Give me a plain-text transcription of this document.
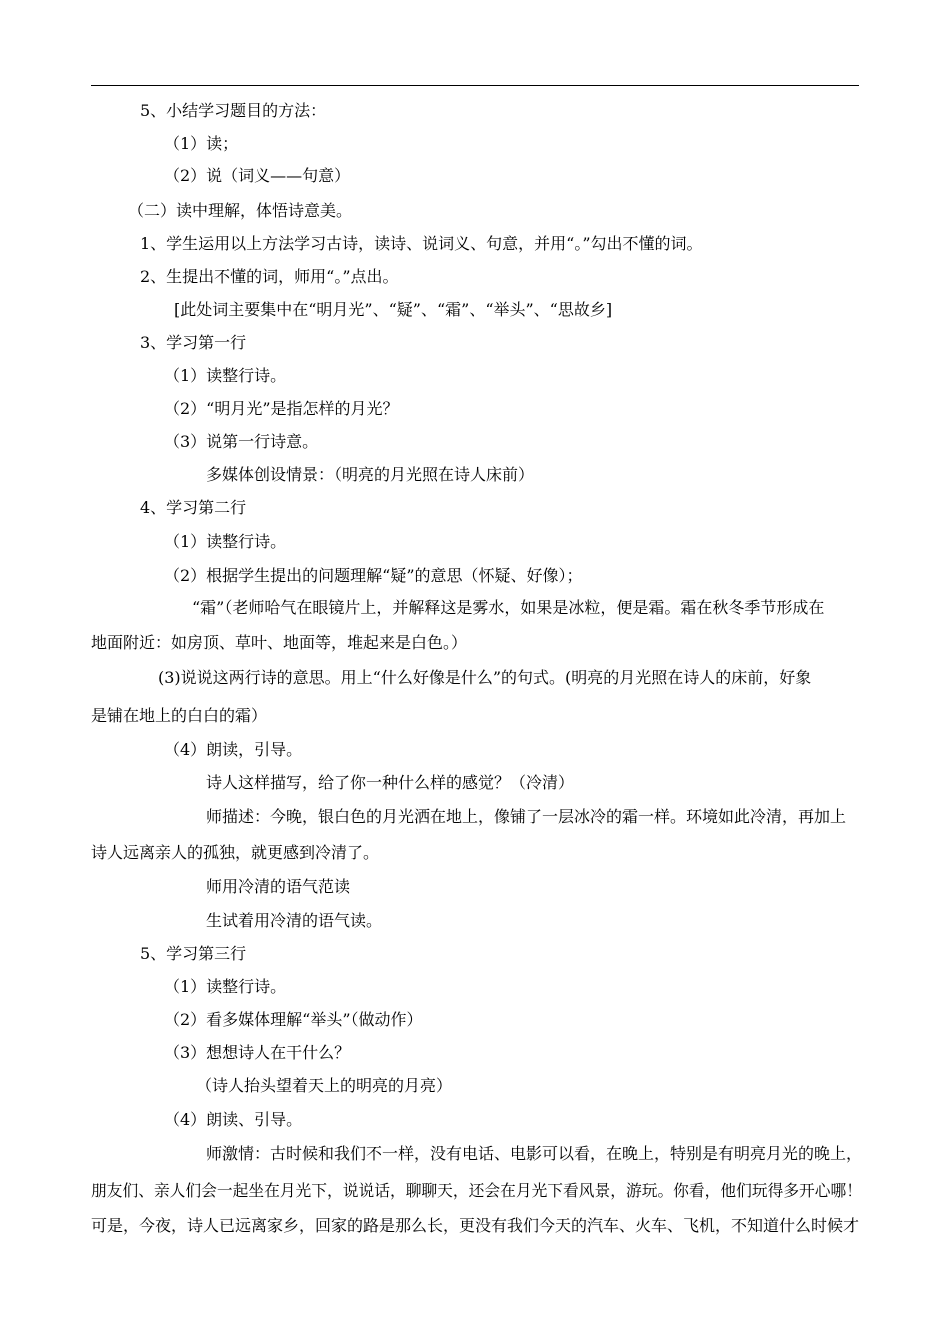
5、小结学习题目的方法：
（1）读；
（2）说（词义——句意）
（二）读中理解，体悟诗意美。
1、学生运用以上方法学习古诗，读诗、说词义、句意，并用“。”勾出不懂的词。
2、生提出不懂的词，师用“。”点出。
[此处词主要集中在“明月光”、“疑”、“霜”、“举头”、“思故乡]
3、学习第一行
（1）读整行诗。
（2）“明月光”是指怎样的月光？
（3）说第一行诗意。
多媒体创设情景：（明亮的月光照在诗人床前）
4、学习第二行
（1）读整行诗。
（2）根据学生提出的问题理解“疑”的意思（怀疑、好像）；
“霜”（老师哈气在眼镜片上，并解释这是雾水，如果是冰粒，便是霜。霜在秋冬季节形成在
地面附近：如房顶、草叶、地面等，堆起来是白色。）
(3)说说这两行诗的意思。用上“什么好像是什么”的句式。(明亮的月光照在诗人的床前，好象
是铺在地上的白白的霜）
（4）朗读，引导。
诗人这样描写，给了你一种什么样的感觉？（冷清）
师描述：今晚，银白色的月光洒在地上，像铺了一层冰冷的霜一样。环境如此冷清，再加上
诗人远离亲人的孤独，就更感到冷清了。
师用冷清的语气范读
生试着用冷清的语气读。
5、学习第三行
（1）读整行诗。
（2）看多媒体理解“举头”（做动作）
（3）想想诗人在干什么？
（诗人抬头望着天上的明亮的月亮）
（4）朗读、引导。
师激情：古时候和我们不一样，没有电话、电影可以看，在晚上，特别是有明亮月光的晚上，
朋友们、亲人们会一起坐在月光下，说说话，聊聊天，还会在月光下看风景，游玩。你看，他们玩得多开心哪！
可是，今夜，诗人已远离家乡，回家的路是那么长，更没有我们今天的汽车、火车、飞机，不知道什么时候才
